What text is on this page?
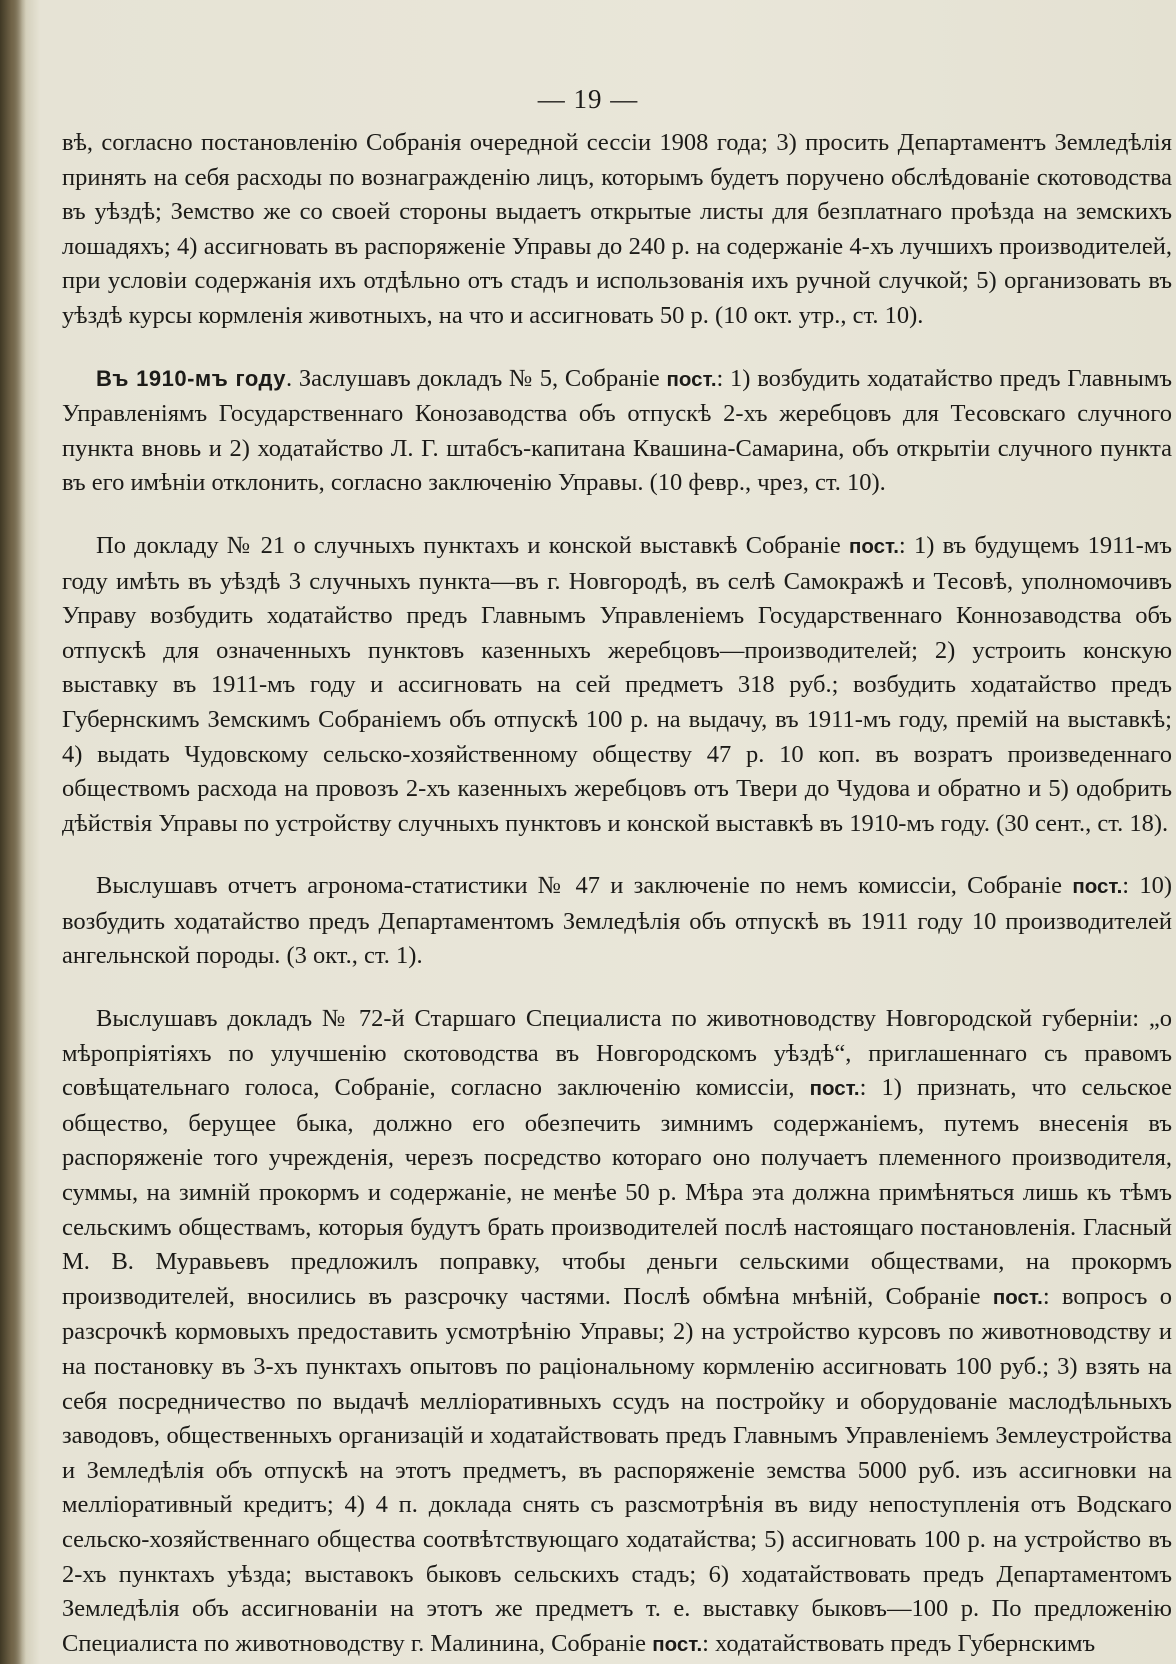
— 19 —

вѣ, согласно постановленію Собранія очередной сессіи 1908 года; 3) просить Департаментъ Земледѣлія принять на себя расходы по вознагражденію лицъ, которымъ будетъ поручено обслѣдованіе скотоводства въ уѣздѣ; Земство же со своей стороны выдаетъ открытые листы для безплатнаго проѣзда на земскихъ лошадяхъ; 4) ассигновать въ распоряженіе Управы до 240 р. на содержаніе 4-хъ лучшихъ производителей, при условіи содержанія ихъ отдѣльно отъ стадъ и использованія ихъ ручной случкой; 5) организовать въ уѣздѣ курсы кормленія животныхъ, на что и ассигновать 50 р. (10 окт. утр., ст. 10).

Въ 1910-мъ году. Заслушавъ докладъ № 5, Собраніе пост.: 1) возбудить ходатайство предъ Главнымъ Управленіямъ Государственнаго Конозаводства объ отпускѣ 2-хъ жеребцовъ для Тесовскаго случного пункта вновь и 2) ходатайство Л. Г. штабсъ-капитана Квашина-Самарина, объ открытіи случного пункта въ его имѣніи отклонить, согласно заключенію Управы. (10 февр., чрез, ст. 10).

По докладу № 21 о случныхъ пунктахъ и конской выставкѣ Собраніе пост.: 1) въ будущемъ 1911-мъ году имѣть въ уѣздѣ 3 случныхъ пункта—въ г. Новгородѣ, въ селѣ Самокражѣ и Тесовѣ, уполномочивъ Управу возбудить ходатайство предъ Главнымъ Управленіемъ Государственнаго Коннозаводства объ отпускѣ для означенныхъ пунктовъ казенныхъ жеребцовъ—производителей; 2) устроить конскую выставку въ 1911-мъ году и ассигновать на сей предметъ 318 руб.; возбудить ходатайство предъ Губернскимъ Земскимъ Собраніемъ объ отпускѣ 100 р. на выдачу, въ 1911-мъ году, премій на выставкѣ; 4) выдать Чудовскому сельско-хозяйственному обществу 47 р. 10 коп. въ возратъ произведеннаго обществомъ расхода на провозъ 2-хъ казенныхъ жеребцовъ отъ Твери до Чудова и обратно и 5) одобрить дѣйствія Управы по устройству случныхъ пунктовъ и конской выставкѣ въ 1910-мъ году. (30 сент., ст. 18).

Выслушавъ отчетъ агронома-статистики № 47 и заключеніе по немъ комиссіи, Собраніе пост.: 10) возбудить ходатайство предъ Департаментомъ Земледѣлія объ отпускѣ въ 1911 году 10 производителей ангельнской породы. (3 окт., ст. 1).

Выслушавъ докладъ № 72-й Старшаго Специалиста по животноводству Новгородской губерніи: „о мѣропріятіяхъ по улучшенію скотоводства въ Новгородскомъ уѣздѣ“, приглашеннаго съ правомъ совѣщательнаго голоса, Собраніе, согласно заключенію комиссіи, пост.: 1) признать, что сельское общество, берущее быка, должно его обезпечить зимнимъ содержаніемъ, путемъ внесенія въ распоряженіе того учрежденія, черезъ посредство котораго оно получаетъ племенного производителя, суммы, на зимній прокормъ и содержаніе, не менѣе 50 р. Мѣра эта должна примѣняться лишь къ тѣмъ сельскимъ обществамъ, которыя будутъ брать производителей послѣ настоящаго постановленія. Гласный М. В. Муравьевъ предложилъ поправку, чтобы деньги сельскими обществами, на прокормъ производителей, вносились въ разсрочку частями. Послѣ обмѣна мнѣній, Собраніе пост.: вопросъ о разсрочкѣ кормовыхъ предоставить усмотрѣнію Управы; 2) на устройство курсовъ по животноводству и на постановку въ 3-хъ пунктахъ опытовъ по раціональному кормленію ассигновать 100 руб.; 3) взять на себя посредничество по выдачѣ мелліоративныхъ ссудъ на постройку и оборудованіе маслодѣльныхъ заводовъ, общественныхъ организацій и ходатайствовать предъ Главнымъ Управленіемъ Землеустройства и Земледѣлія объ отпускѣ на этотъ предметъ, въ распоряженіе земства 5000 руб. изъ ассигновки на мелліоративный кредитъ; 4) 4 п. доклада снять съ разсмотрѣнія въ виду непоступленія отъ Водскаго сельско-хозяйственнаго общества соотвѣтствующаго ходатайства; 5) ассигновать 100 р. на устройство въ 2-хъ пунктахъ уѣзда; выставокъ быковъ сельскихъ стадъ; 6) ходатайствовать предъ Департаментомъ Земледѣлія объ ассигнованіи на этотъ же предметъ т. е. выставку быковъ—100 р. По предложенію Специалиста по животноводству г. Малинина, Собраніе пост.: ходатайствовать предъ Губернскимъ
